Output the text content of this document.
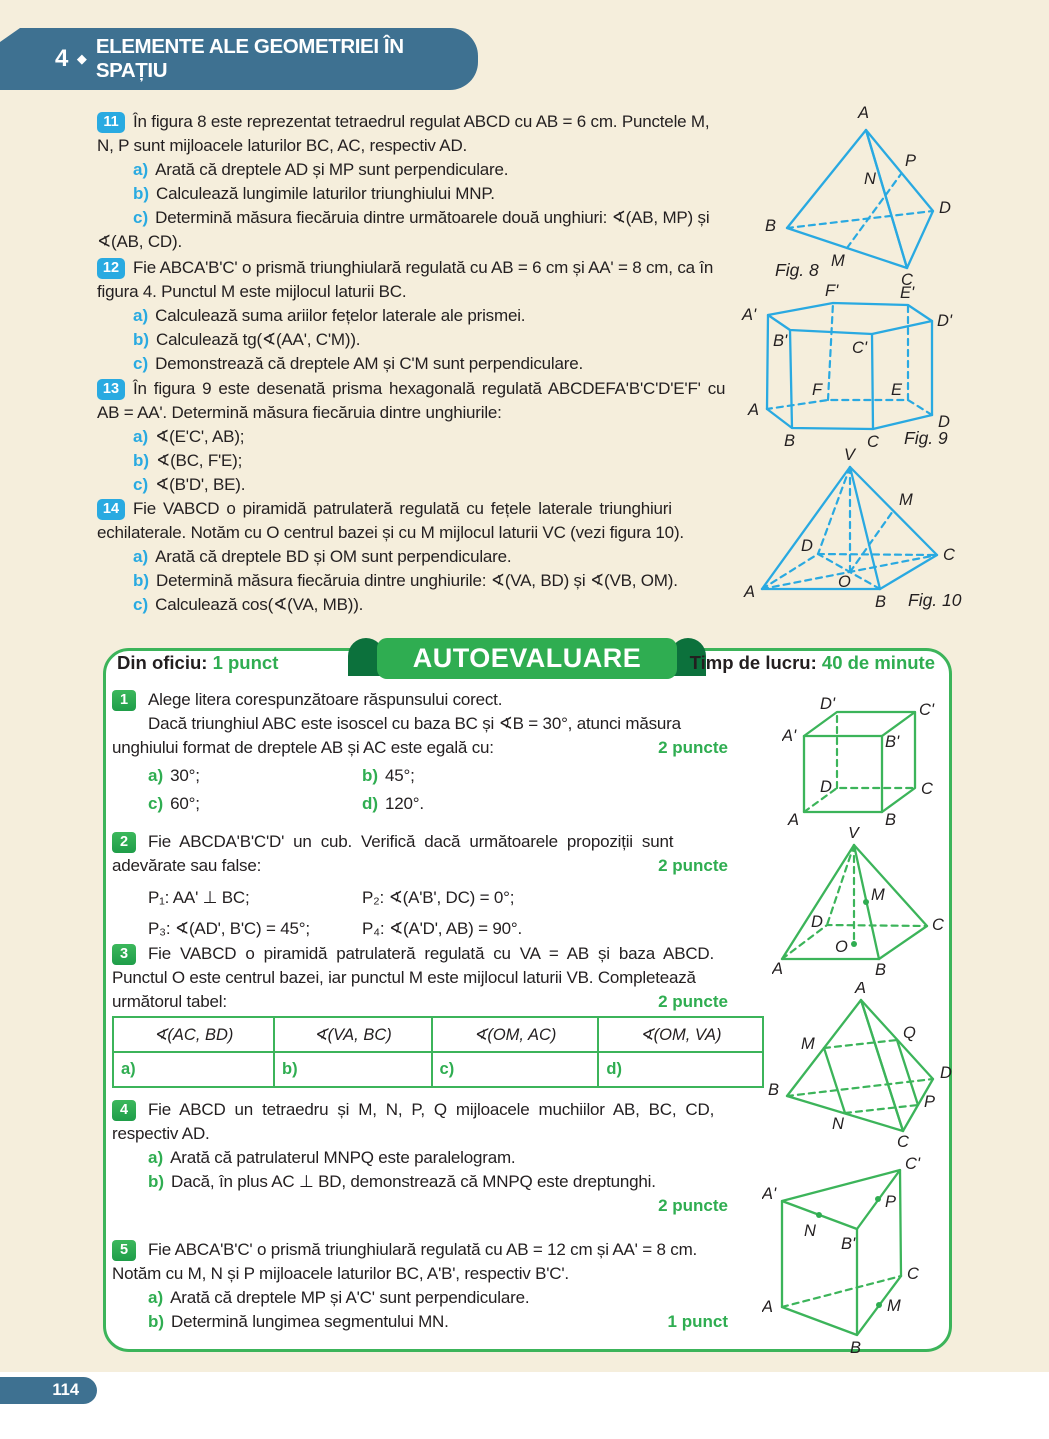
4 ◆
ELEMENTE ALE GEOMETRIEI ÎN SPAȚIU
11 În figura 8 este reprezentat tetraedrul regulat ABCD cu AB = 6 cm. Punctele M,
N, P sunt mijloacele laturilor BC, AC, respectiv AD.
a) Arată că dreptele AD și MP sunt perpendiculare.
b) Calculează lungimile laturilor triunghiului MNP.
c) Determină măsura fiecăruia dintre următoarele două unghiuri: ∢(AB, MP) și
∢(AB, CD).
12 Fie ABCA'B'C' o prismă triunghiulară regulată cu AB = 6 cm și AA' = 8 cm, ca în
figura 4. Punctul M este mijlocul laturii BC.
a) Calculează suma ariilor fețelor laterale ale prismei.
b) Calculează tg(∢(AA', C'M)).
c) Demonstrează că dreptele AM și C'M sunt perpendiculare.
13 În figura 9 este desenată prisma hexagonală regulată ABCDEFA'B'C'D'E'F' cu
AB = AA'. Determină măsura fiecăruia dintre unghiurile:
a) ∢(E'C', AB);
b) ∢(BC, F'E);
c) ∢(B'D', BE).
14 Fie VABCD o piramidă patrulateră regulată cu fețele laterale triunghiuri
echilaterale. Notăm cu O centrul bazei și cu M mijlocul laturii VC (vezi figura 10).
a) Arată că dreptele BD și OM sunt perpendiculare.
b) Determină măsura fiecăruia dintre unghiurile: ∢(VA, BD) și ∢(VB, OM).
c) Calculează cos(∢(VA, MB)).
AUTOEVALUARE
Din oficiu: 1 punct	Timp de lucru: 40 de minute
1 Alege litera corespunzătoare răspunsului corect.
Dacă triunghiul ABC este isoscel cu baza BC și ∢B = 30°, atunci măsura
unghiului format de dreptele AB și AC este egală cu:	2 puncte
a) 30°;	b) 45°;
c) 60°;	d) 120°.
2 Fie ABCDA'B'C'D' un cub. Verifică dacă următoarele propoziții sunt
adevărate sau false:	2 puncte
P₁: AA' ⊥ BC;	P₂: ∢(A'B', DC) = 0°;
P₃: ∢(AD', B'C) = 45°;	P₄: ∢(A'D', AB) = 90°.
3 Fie VABCD o piramidă patrulateră regulată cu VA = AB și baza ABCD.
Punctul O este centrul bazei, iar punctul M este mijlocul laturii VB. Completează
următorul tabel:	2 puncte
∢(AC, BD)	∢(VA, BC)	∢(OM, AC)	∢(OM, VA)
a)	b)	c)	d)
4 Fie ABCD un tetraedru și M, N, P, Q mijloacele muchiilor AB, BC, CD,
respectiv AD.
a) Arată că patrulaterul MNPQ este paralelogram.
b) Dacă, în plus AC ⊥ BD, demonstrează că MNPQ este dreptunghi.
2 puncte
5 Fie ABCA'B'C' o prismă triunghiulară regulată cu AB = 12 cm și AA' = 8 cm.
Notăm cu M, N și P mijloacele laturilor BC, A'B', respectiv B'C'.
a) Arată că dreptele MP și A'C' sunt perpendiculare.
b) Determină lungimea segmentului MN.	1 punct
A
B
C
D
M
N
P
Fig. 8
A'
B'	C'
D'
E'
F'
A
B	C
D
E
F
Fig. 9
V
M
D	C
O
A
B Fig. 10
A	B
C
D
A'	B'
C'
D'
V
M
D	C
O
A	B
A
M
Q
B
D
P
N
C
C'
A'
N
P
B'
C
M
A
B
114
